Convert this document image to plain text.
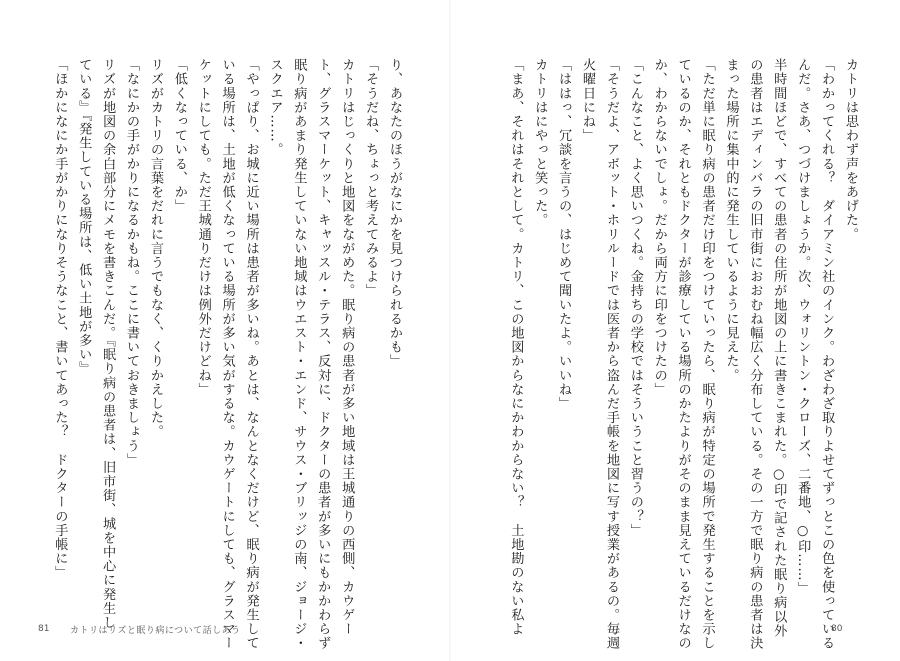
り、あなたのほうがなにかを見つけられるかも」
「そうだね、ちょっと考えてみるよ」
カトリはじっくりと地図をながめた。眠り病の患者が多い地域は王城通りの西側、カウゲー
ト、グラスマーケット、キャッスル・テラス、反対に、ドクターの患者が多いにもかかわらず
眠り病があまり発生していない地域はウエスト・エンド、サウス・ブリッジの南、ジョージ・
スクエア……。
「やっぱり、お城に近い場所は患者が多いね。あとは、なんとなくだけど、眠り病が発生して
いる場所は、土地が低くなっている場所が多い気がするな。カウゲートにしても、グラスマー
ケットにしても。ただ王城通りだけは例外だけどね」
「低くなっている、か」
リズがカトリの言葉をだれに言うでもなく、くりかえした。
「なにかの手がかりになるかもね。ここに書いておきましょう」
リズが地図の余白部分にメモを書きこんだ。『眠り病の患者は、旧市街、城を中心に発生し
ている』『発生している場所は、低い土地が多い』
「ほかになにか手がかりになりそうなこと、書いてあった？　ドクターの手帳に」	カトリは思わず声をあげた。
「わかってくれる？　ダイアミン社のインク。わざわざ取りよせてずっとこの色を使っている
んだ。さあ、つづけましょうか。次、ウォリントン・クローズ、二番地、○印……」
半時間ほどで、すべての患者の住所が地図の上に書きこまれた。○印で記された眠り病以外
の患者はエディンバラの旧市街におおむね幅広く分布している。その一方で眠り病の患者は決
まった場所に集中的に発生しているように見えた。
「ただ単に眠り病の患者だけ印をつけていったら、眠り病が特定の場所で発生することを示し
ているのか、それともドクターが診療している場所のかたよりがそのまま見えているだけなの
か、わからないでしょ。だから両方に印をつけたの」
「こんなこと、よく思いつくね。金持ちの学校ではそういうこと習うの？」
「そうだよ、アボット・ホリルードでは医者から盗んだ手帳を地図に写す授業があるの。毎週
火曜日にね」
「ははっ、冗談を言うの、はじめて聞いたよ。いいね」
カトリはにやっと笑った。
「まあ、それはそれとして。カトリ、この地図からなにかわからない？　土地勘のない私よ
81 カトリはリズと眠り病について話しあう	80
